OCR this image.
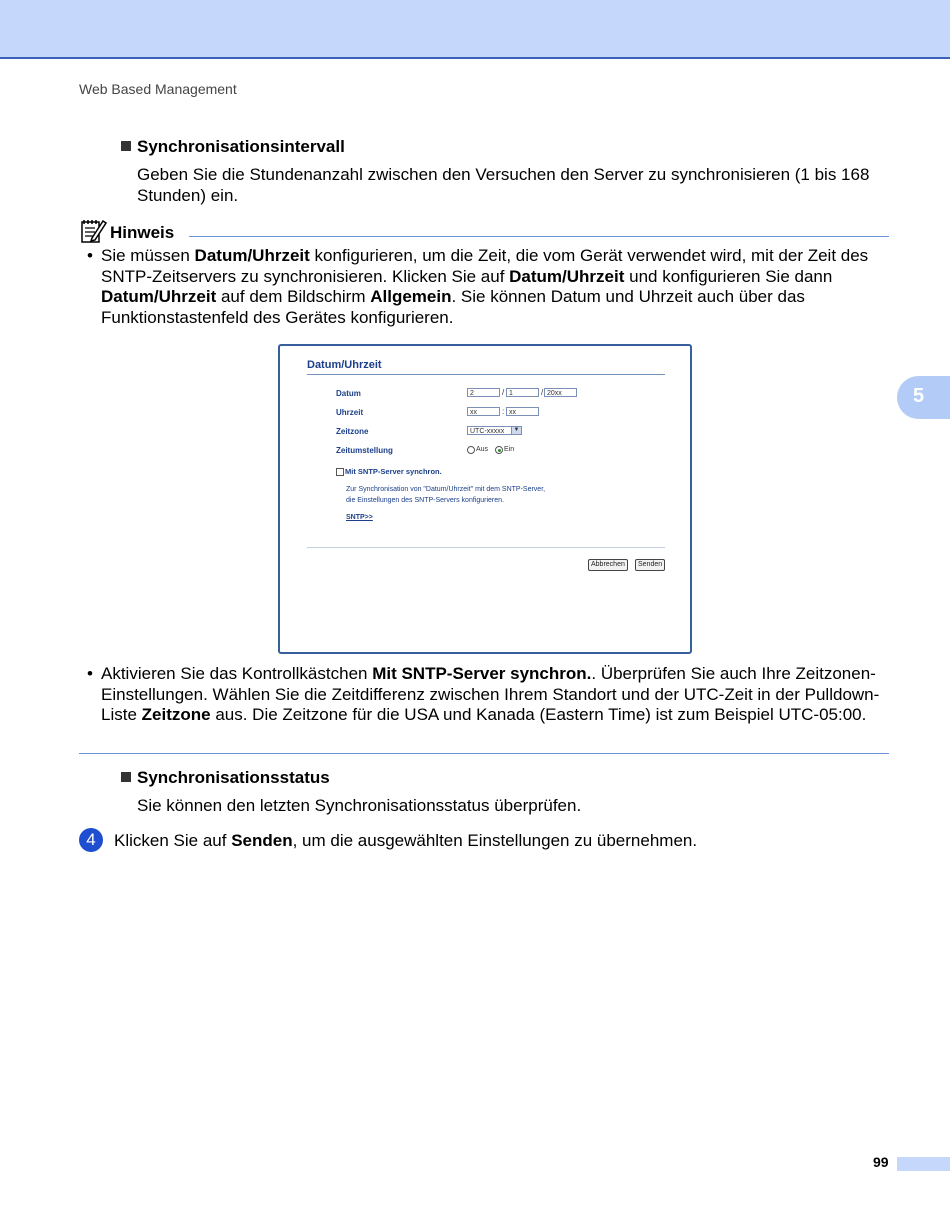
Web Based Management
5
Synchronisationsintervall
Geben Sie die Stundenanzahl zwischen den Versuchen den Server zu synchronisieren (1 bis 168 Stunden) ein.
Hinweis
• Sie müssen Datum/Uhrzeit konfigurieren, um die Zeit, die vom Gerät verwendet wird, mit der Zeit des SNTP-Zeitservers zu synchronisieren. Klicken Sie auf Datum/Uhrzeit und konfigurieren Sie dann Datum/Uhrzeit auf dem Bildschirm Allgemein. Sie können Datum und Uhrzeit auch über das Funktionstastenfeld des Gerätes konfigurieren.
Datum/Uhrzeit
Datum	2	/ 1	/ 20xx
Uhrzeit	xx	: xx
Zeitzone	UTC-xxxxx	▼
Zeitumstellung	Aus Ein
Mit SNTP-Server synchron.
Zur Synchronisation von "Datum/Uhrzeit" mit dem SNTP-Server,
die Einstellungen des SNTP-Servers konfigurieren.
SNTP>>
Abbrechen	Senden
• Aktivieren Sie das Kontrollkästchen Mit SNTP-Server synchron.. Überprüfen Sie auch Ihre Zeitzonen-Einstellungen. Wählen Sie die Zeitdifferenz zwischen Ihrem Standort und der UTC-Zeit in der Pulldown-Liste Zeitzone aus. Die Zeitzone für die USA und Kanada (Eastern Time) ist zum Beispiel UTC-05:00.
Synchronisationsstatus
Sie können den letzten Synchronisationsstatus überprüfen.
4	Klicken Sie auf Senden, um die ausgewählten Einstellungen zu übernehmen.
99
